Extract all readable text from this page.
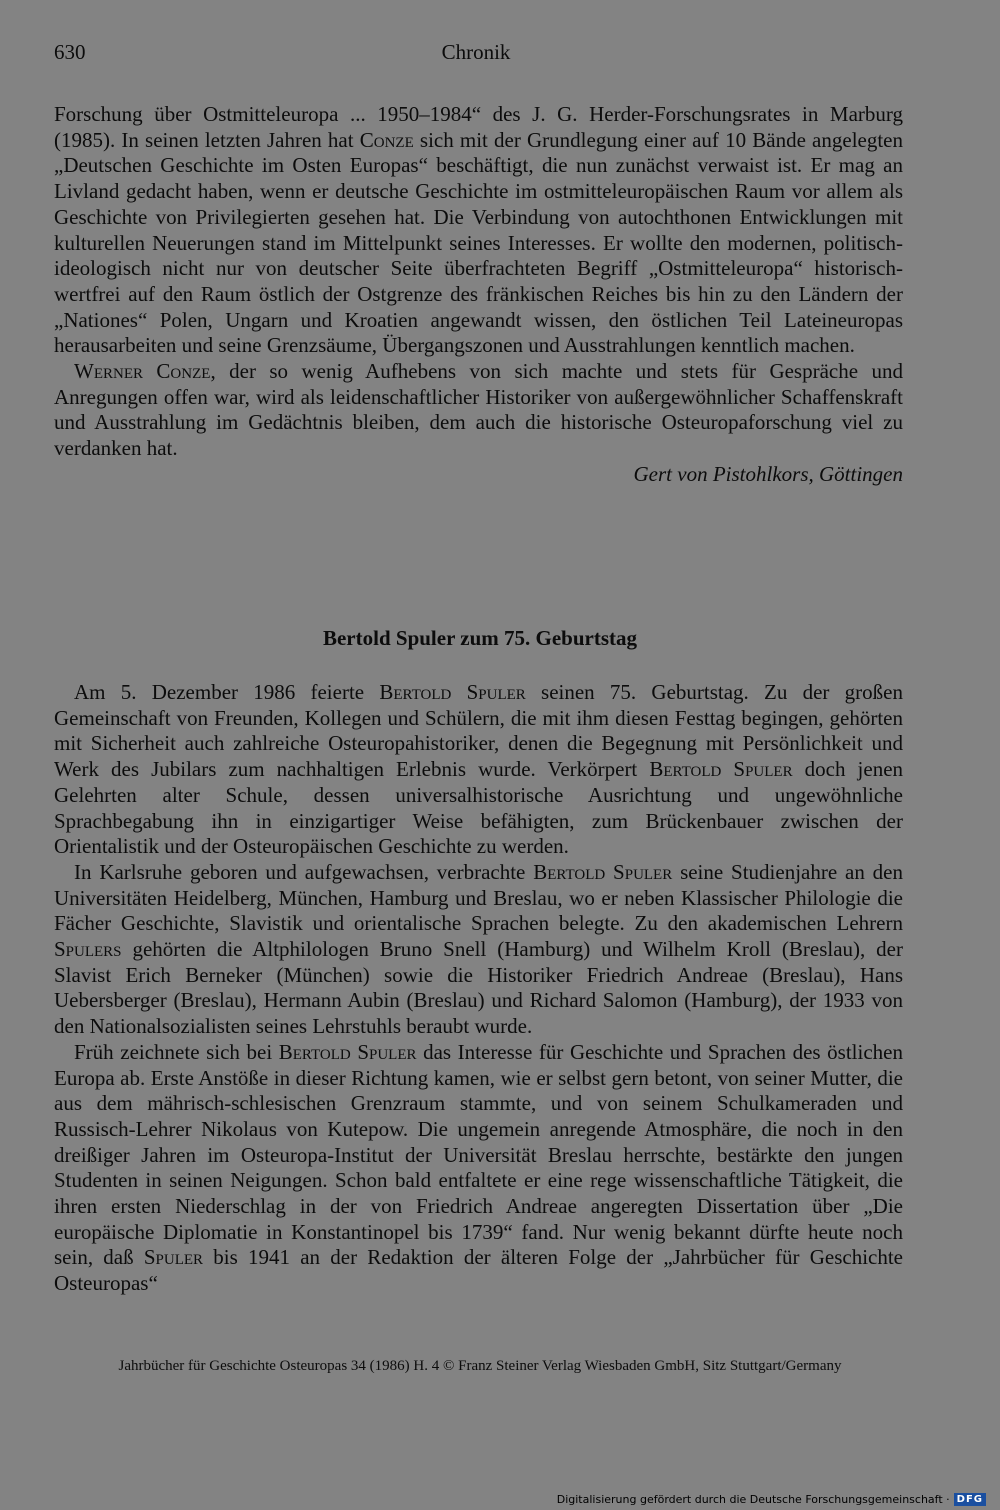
630	Chronik

Forschung über Ostmitteleuropa ... 1950–1984“ des J. G. Herder-Forschungsrates in Marburg (1985). In seinen letzten Jahren hat Conze sich mit der Grundlegung einer auf 10 Bände angelegten „Deutschen Geschichte im Osten Europas“ beschäftigt, die nun zunächst verwaist ist. Er mag an Livland gedacht haben, wenn er deutsche Geschichte im ostmitteleuropäischen Raum vor allem als Geschichte von Privilegierten gesehen hat. Die Verbindung von autochthonen Entwicklungen mit kulturellen Neuerungen stand im Mittelpunkt seines Interesses. Er wollte den modernen, politisch-ideologisch nicht nur von deutscher Seite überfrachteten Begriff „Ostmitteleuropa“ historisch-wertfrei auf den Raum östlich der Ostgrenze des fränkischen Reiches bis hin zu den Ländern der „Nationes“ Polen, Ungarn und Kroatien angewandt wissen, den östlichen Teil Lateineuropas herausarbeiten und seine Grenzsäume, Übergangszonen und Ausstrahlungen kenntlich machen.

Werner Conze, der so wenig Aufhebens von sich machte und stets für Gespräche und Anregungen offen war, wird als leidenschaftlicher Historiker von außergewöhnlicher Schaffenskraft und Ausstrahlung im Gedächtnis bleiben, dem auch die historische Osteuropaforschung viel zu verdanken hat.

Gert von Pistohlkors, Göttingen

Bertold Spuler zum 75. Geburtstag

Am 5. Dezember 1986 feierte Bertold Spuler seinen 75. Geburtstag. Zu der großen Gemeinschaft von Freunden, Kollegen und Schülern, die mit ihm diesen Festtag begingen, gehörten mit Sicherheit auch zahlreiche Osteuropahistoriker, denen die Begegnung mit Persönlichkeit und Werk des Jubilars zum nachhaltigen Erlebnis wurde. Verkörpert Bertold Spuler doch jenen Gelehrten alter Schule, dessen universalhistorische Ausrichtung und ungewöhnliche Sprachbegabung ihn in einzigartiger Weise befähigten, zum Brückenbauer zwischen der Orientalistik und der Osteuropäischen Geschichte zu werden.

In Karlsruhe geboren und aufgewachsen, verbrachte Bertold Spuler seine Studienjahre an den Universitäten Heidelberg, München, Hamburg und Breslau, wo er neben Klassischer Philologie die Fächer Geschichte, Slavistik und orientalische Sprachen belegte. Zu den akademischen Lehrern Spulers gehörten die Altphilologen Bruno Snell (Hamburg) und Wilhelm Kroll (Breslau), der Slavist Erich Berneker (München) sowie die Historiker Friedrich Andreae (Breslau), Hans Uebersberger (Breslau), Hermann Aubin (Breslau) und Richard Salomon (Hamburg), der 1933 von den Nationalsozialisten seines Lehrstuhls beraubt wurde.

Früh zeichnete sich bei Bertold Spuler das Interesse für Geschichte und Sprachen des östlichen Europa ab. Erste Anstöße in dieser Richtung kamen, wie er selbst gern betont, von seiner Mutter, die aus dem mährisch-schlesischen Grenzraum stammte, und von seinem Schulkameraden und Russisch-Lehrer Nikolaus von Kutepow. Die ungemein anregende Atmosphäre, die noch in den dreißiger Jahren im Osteuropa-Institut der Universität Breslau herrschte, bestärkte den jungen Studenten in seinen Neigungen. Schon bald entfaltete er eine rege wissenschaftliche Tätigkeit, die ihren ersten Niederschlag in der von Friedrich Andreae angeregten Dissertation über „Die europäische Diplomatie in Konstantinopel bis 1739“ fand. Nur wenig bekannt dürfte heute noch sein, daß Spuler bis 1941 an der Redaktion der älteren Folge der „Jahrbücher für Geschichte Osteuropas“

Jahrbücher für Geschichte Osteuropas 34 (1986) H. 4 © Franz Steiner Verlag Wiesbaden GmbH, Sitz Stuttgart/Germany
Digitalisierung gefördert durch die Deutsche Forschungsgemeinschaft · DFG
